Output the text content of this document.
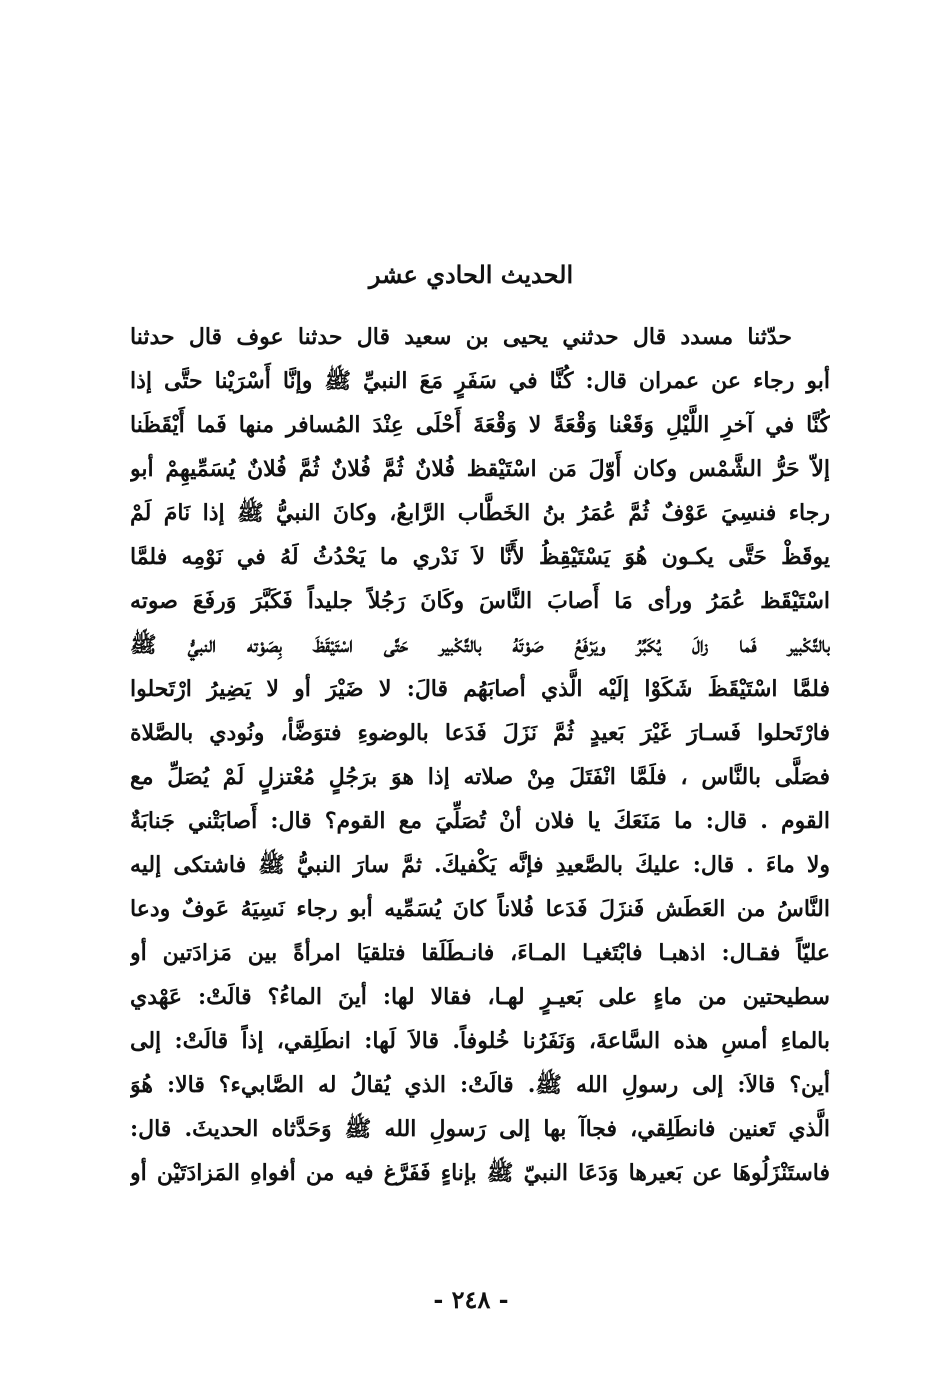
الحديث الحادي عشر
حدّثنا مسدد قال حدثني يحيى بن سعيد قال حدثنا عوف قال حدثنا
أبو رجاء عن عمران قال: كُنَّا في سَفَرٍ مَعَ النبيِّ ﷺ وإنَّا أَسْرَيْنا حتَّى إذا
كُنَّا في آخرِ اللَّيْلِ وَقَعْنا وَقْعَةً لا وَقْعَةَ أَحْلَى عِنْدَ المُسافر منها فَما أَيْقَظَنا
إلاّ حَرُّ الشَّمْس وكان أَوّلَ مَن اسْتَيْقظ فُلانٌ ثُمَّ فُلانٌ ثُمَّ فُلانٌ يُسَمِّيهِمْ أبو
رجاء فنسِيَ عَوْفٌ ثُمَّ عُمَرُ بنُ الخَطَّاب الرَّابعُ، وكانَ النبيُّ ﷺ إذا نَامَ لَمْ
يوقَظْ حَتَّى يكـون هُوَ يَسْتَيْقِظُ لأَنَّا لاَ نَدْري ما يَحْدُثُ لَهُ في نَوْمِه فلمَّا
اسْتَيْقَظ عُمَرُ ورأى مَا أَصابَ النَّاسَ وكَانَ رَجُلاً جليداً فَكَبَّرَ وَرفَعَ صوته
بالتَّكْبير فَما زالَ يُكَبِّرُ ويَرْفَعُ صَوْتَهُ بالتَّكْبير حَتَّى اسْتَيْقَظَ بِصَوْته النبيُّ ﷺ
فلمَّا اسْتَيْقَظَ شَكَوْا إلَيْه الَّذي أصابَهُم قالَ: لا ضَيْرَ أو لا يَضِيرُ ارْتَحلوا
فارْتَحلوا فَسـارَ غَيْرَ بَعيدٍ ثُمَّ نَزَلَ فَدَعا بالوضوءِ فتوَضَّأ، ونُودي بالصَّلاة
فصَلَّى بالنَّاس ، فلَمَّا انْفَتَلَ مِنْ صلاته إذا هوَ برَجُلٍ مُعْتزلٍ لَمْ يُصَلِّ مع
القوم . قال: ما مَنَعَكَ يا فلان أنْ تُصَلِّيَ مع القوم؟ قال: أَصابَتْني جَنابَةٌ
ولا ماءَ . قال: عليكَ بالصَّعيدِ فإنَّه يَكْفيكَ. ثمَّ سارَ النبيُّ ﷺ فاشتكى إليه
النَّاسُ من العَطَش فَنزَلَ فَدَعا فُلاناً كانَ يُسَمِّيه أبو رجاء نَسِيَهُ عَوفٌ ودعا
عليّاً فقـال: اذهبـا فابْتَغيـا المـاءَ، فانـطَلَقا فتلقيَا امرأةً بين مَزادَتين أو
سطيحتين من ماءٍ على بَعيـرٍ لهـا، فقالا لها: أينَ الماءُ؟ قالَتْ: عَهْدي
بالماءِ أمسِ هذه السَّاعةَ، وَنَفَرُنا خُلوفاً. قالاَ لَها: انطَلِقي، إذاً قالَتْ: إلى
أين؟ قالاَ: إلى رسولِ الله ﷺ. قالَتْ: الذي يُقالُ له الصَّابيء؟ قالا: هُوَ
الَّذي تَعنين فانطَلِقي، فجاآ بها إلى رَسولِ الله ﷺ وَحَدَّثاه الحديثَ. قال:
فاستَنْزَلُوهَا عن بَعيرها وَدَعَا النبيّ ﷺ بإناءٍ فَفَرَّغ فيه من أفواهِ المَزادَتَيْن أو
- ٢٤٨ -
